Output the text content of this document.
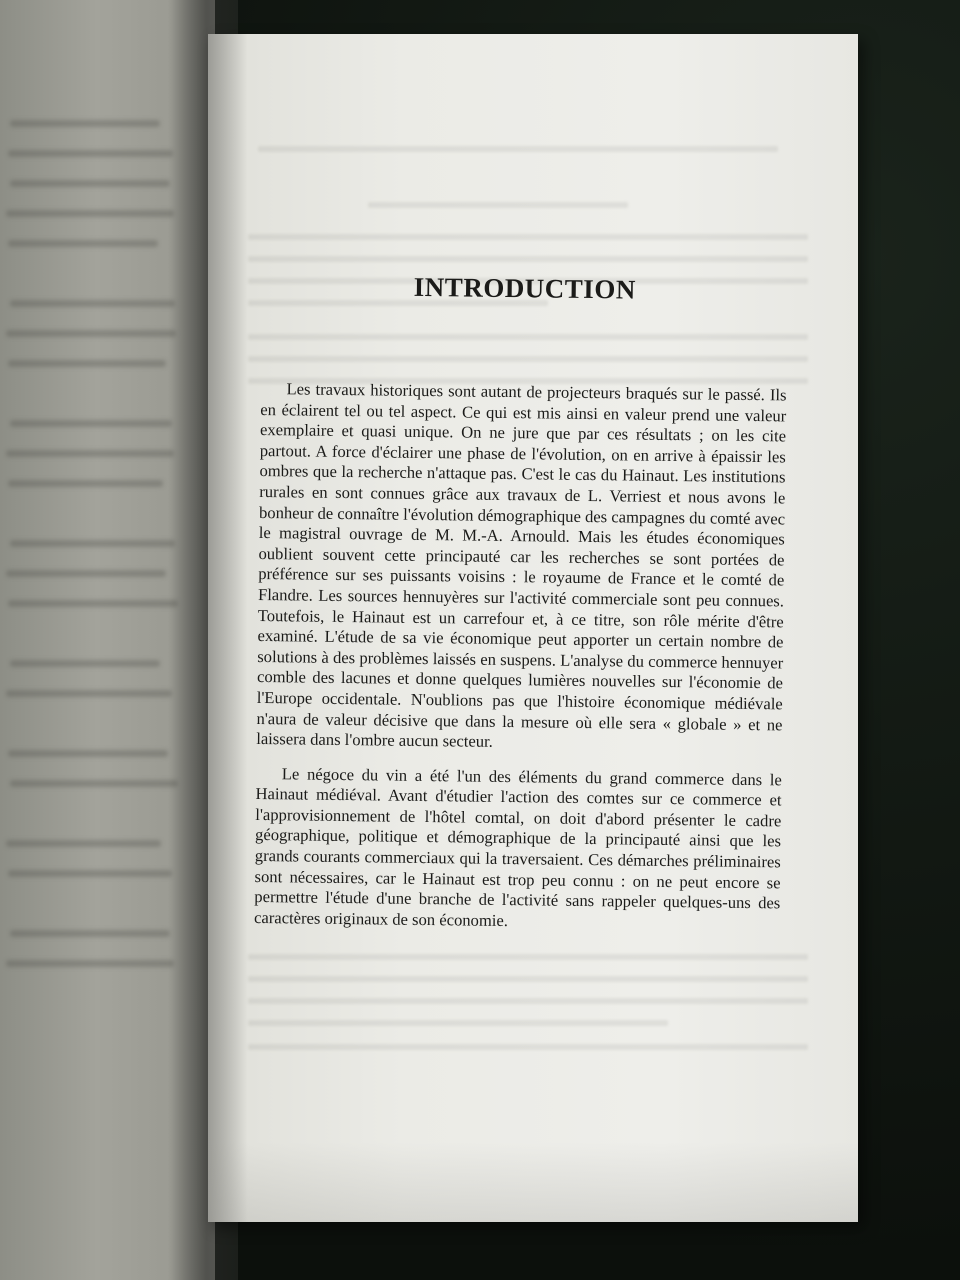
INTRODUCTION

Les travaux historiques sont autant de projecteurs braqués sur le passé. Ils en éclairent tel ou tel aspect. Ce qui est mis ainsi en valeur prend une valeur exemplaire et quasi unique. On ne jure que par ces résultats ; on les cite partout. A force d'éclairer une phase de l'évolution, on en arrive à épaissir les ombres que la recherche n'attaque pas. C'est le cas du Hainaut. Les institutions rurales en sont connues grâce aux travaux de L. Verriest et nous avons le bonheur de connaître l'évolution démographique des campagnes du comté avec le magistral ouvrage de M. M.-A. Arnould. Mais les études économiques oublient souvent cette principauté car les recherches se sont portées de préférence sur ses puissants voisins : le royaume de France et le comté de Flandre. Les sources hennuyères sur l'activité commerciale sont peu connues. Toutefois, le Hainaut est un carrefour et, à ce titre, son rôle mérite d'être examiné. L'étude de sa vie économique peut apporter un certain nombre de solutions à des problèmes laissés en suspens. L'analyse du commerce hennuyer comble des lacunes et donne quelques lumières nouvelles sur l'économie de l'Europe occidentale. N'oublions pas que l'histoire économique médiévale n'aura de valeur décisive que dans la mesure où elle sera « globale » et ne laissera dans l'ombre aucun secteur.

Le négoce du vin a été l'un des éléments du grand commerce dans le Hainaut médiéval. Avant d'étudier l'action des comtes sur ce commerce et l'approvisionnement de l'hôtel comtal, on doit d'abord présenter le cadre géographique, politique et démographique de la principauté ainsi que les grands courants commerciaux qui la traversaient. Ces démarches préliminaires sont nécessaires, car le Hainaut est trop peu connu : on ne peut encore se permettre l'étude d'une branche de l'activité sans rappeler quelques-uns des caractères originaux de son économie.
